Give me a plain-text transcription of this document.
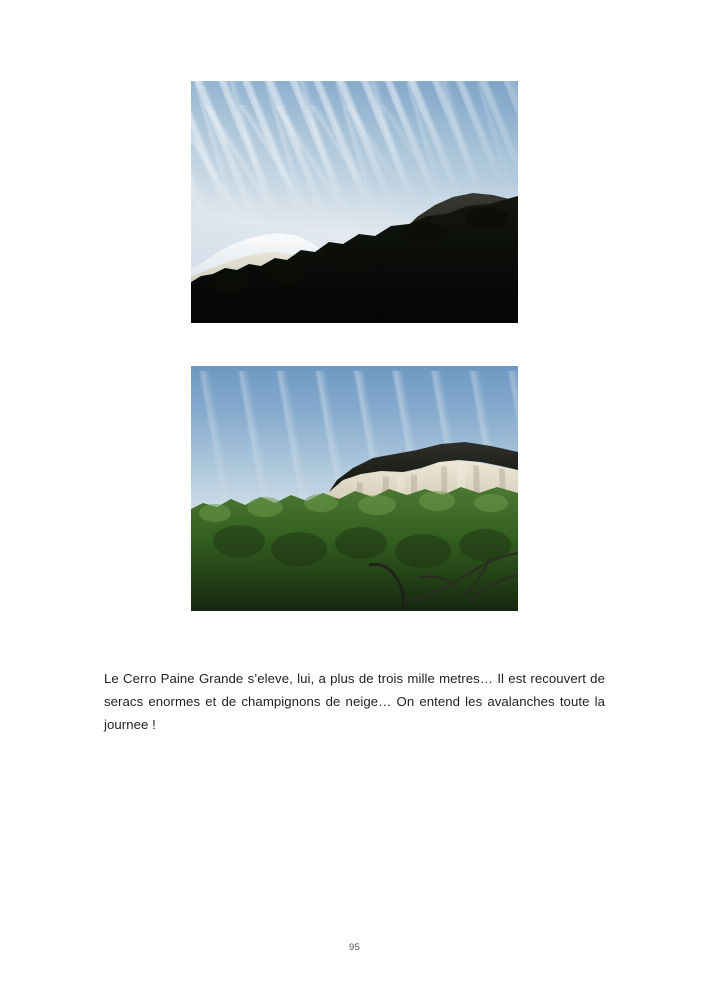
Le Cerro Paine Grande s’eleve, lui, a plus de trois mille metres… Il est recouvert de seracs enormes et de champignons de neige… On entend les avalanches toute la journee !

95
